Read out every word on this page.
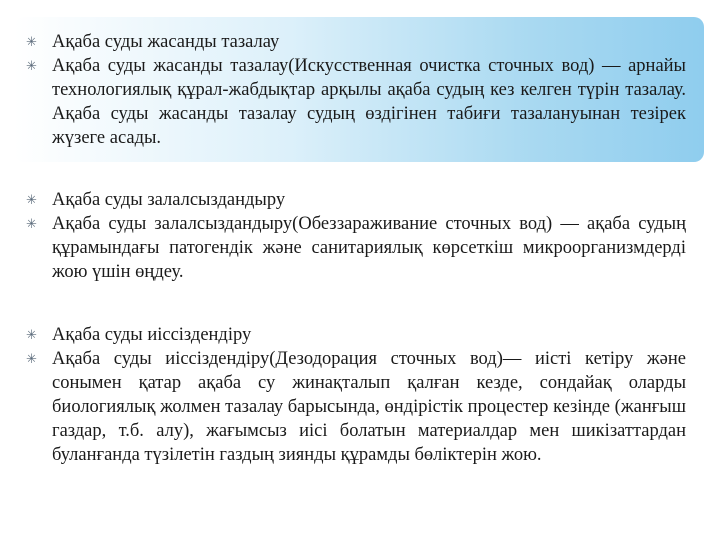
✳ Ақаба суды жасанды тазалау
✳ Ақаба суды жасанды тазалау(Искусственная очистка сточных вод) — арнайы технологиялық құрал-жабдықтар арқылы ақаба судың кез келген түрін тазалау. Ақаба суды жасанды тазалау судың өздігінен табиғи тазалануынан тезірек жүзеге асады.
✳ Ақаба суды залалсыздандыру
✳ Ақаба суды залалсыздандыру(Обеззараживание сточных вод) — ақаба судың құрамындағы патогендік және санитариялық көрсеткіш микроорганизмдерді жою үшін өңдеу.
✳ Ақаба суды иіссіздендіру
✳ Ақаба суды иіссіздендіру(Дезодорация сточных вод)— иісті кетіру және сонымен қатар ақаба су жинақталып қалған кезде, сондайақ оларды биологиялық жолмен тазалау барысында, өндірістік процестер кезінде (жанғыш газдар, т.б. алу), жағымсыз иісі болатын материалдар мен шикізаттардан буланғанда түзілетін газдың зиянды құрамды бөліктерін жою.
